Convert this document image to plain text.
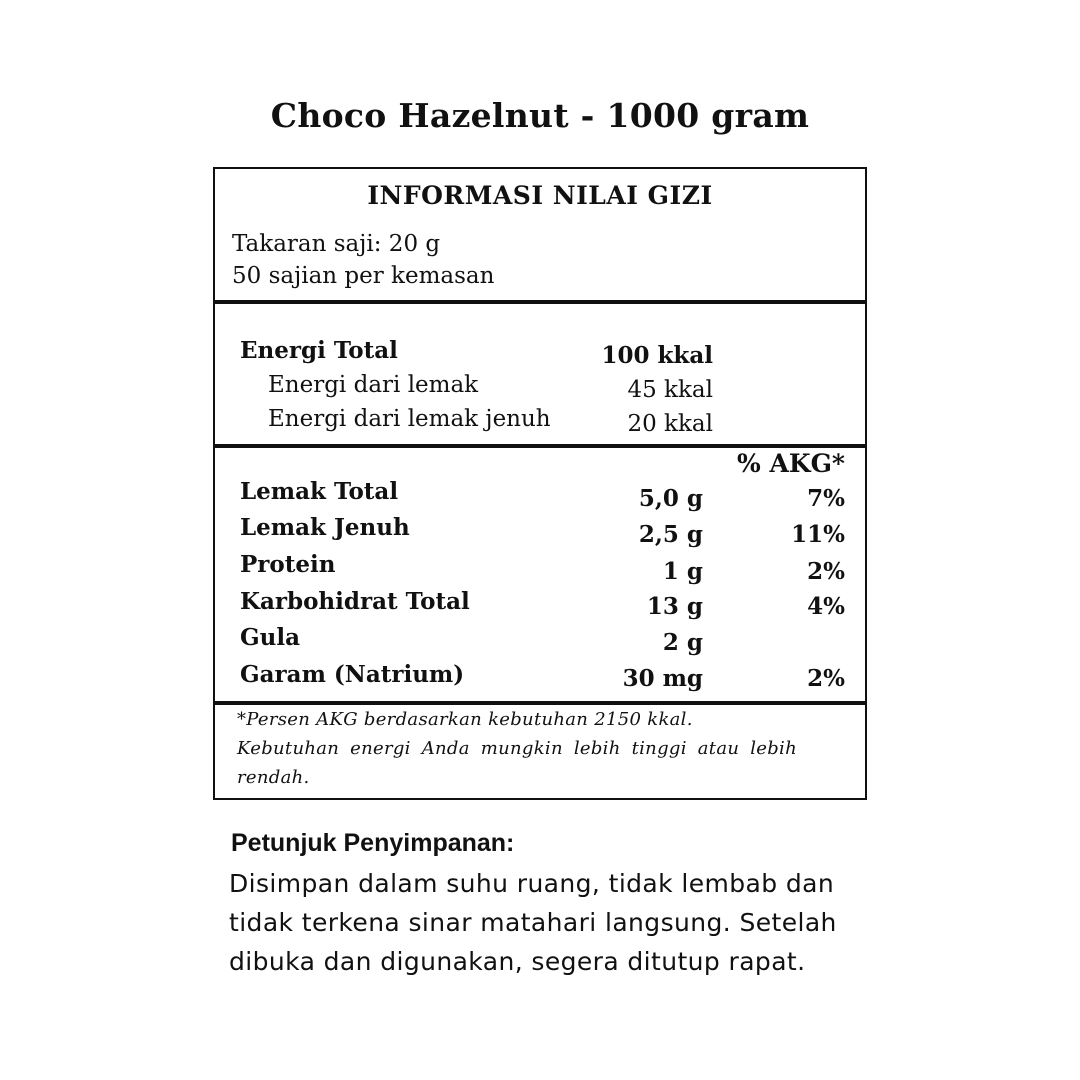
Choco Hazelnut - 1000 gram
INFORMASI NILAI GIZI
Takaran saji: 20 g
50 sajian per kemasan
Energi Total	100 kkal
Energi dari lemak	45 kkal
Energi dari lemak jenuh	20 kkal
% AKG*
Lemak Total	5,0 g	7%
Lemak Jenuh	2,5 g	11%
Protein	1 g	2%
Karbohidrat Total	13 g	4%
Gula	2 g
Garam (Natrium)	30 mg	2%
*Persen AKG berdasarkan kebutuhan 2150 kkal.
Kebutuhan energi Anda mungkin lebih tinggi atau lebih rendah.
Petunjuk Penyimpanan:
Disimpan dalam suhu ruang, tidak lembab dan tidak terkena sinar matahari langsung. Setelah dibuka dan digunakan, segera ditutup rapat.
